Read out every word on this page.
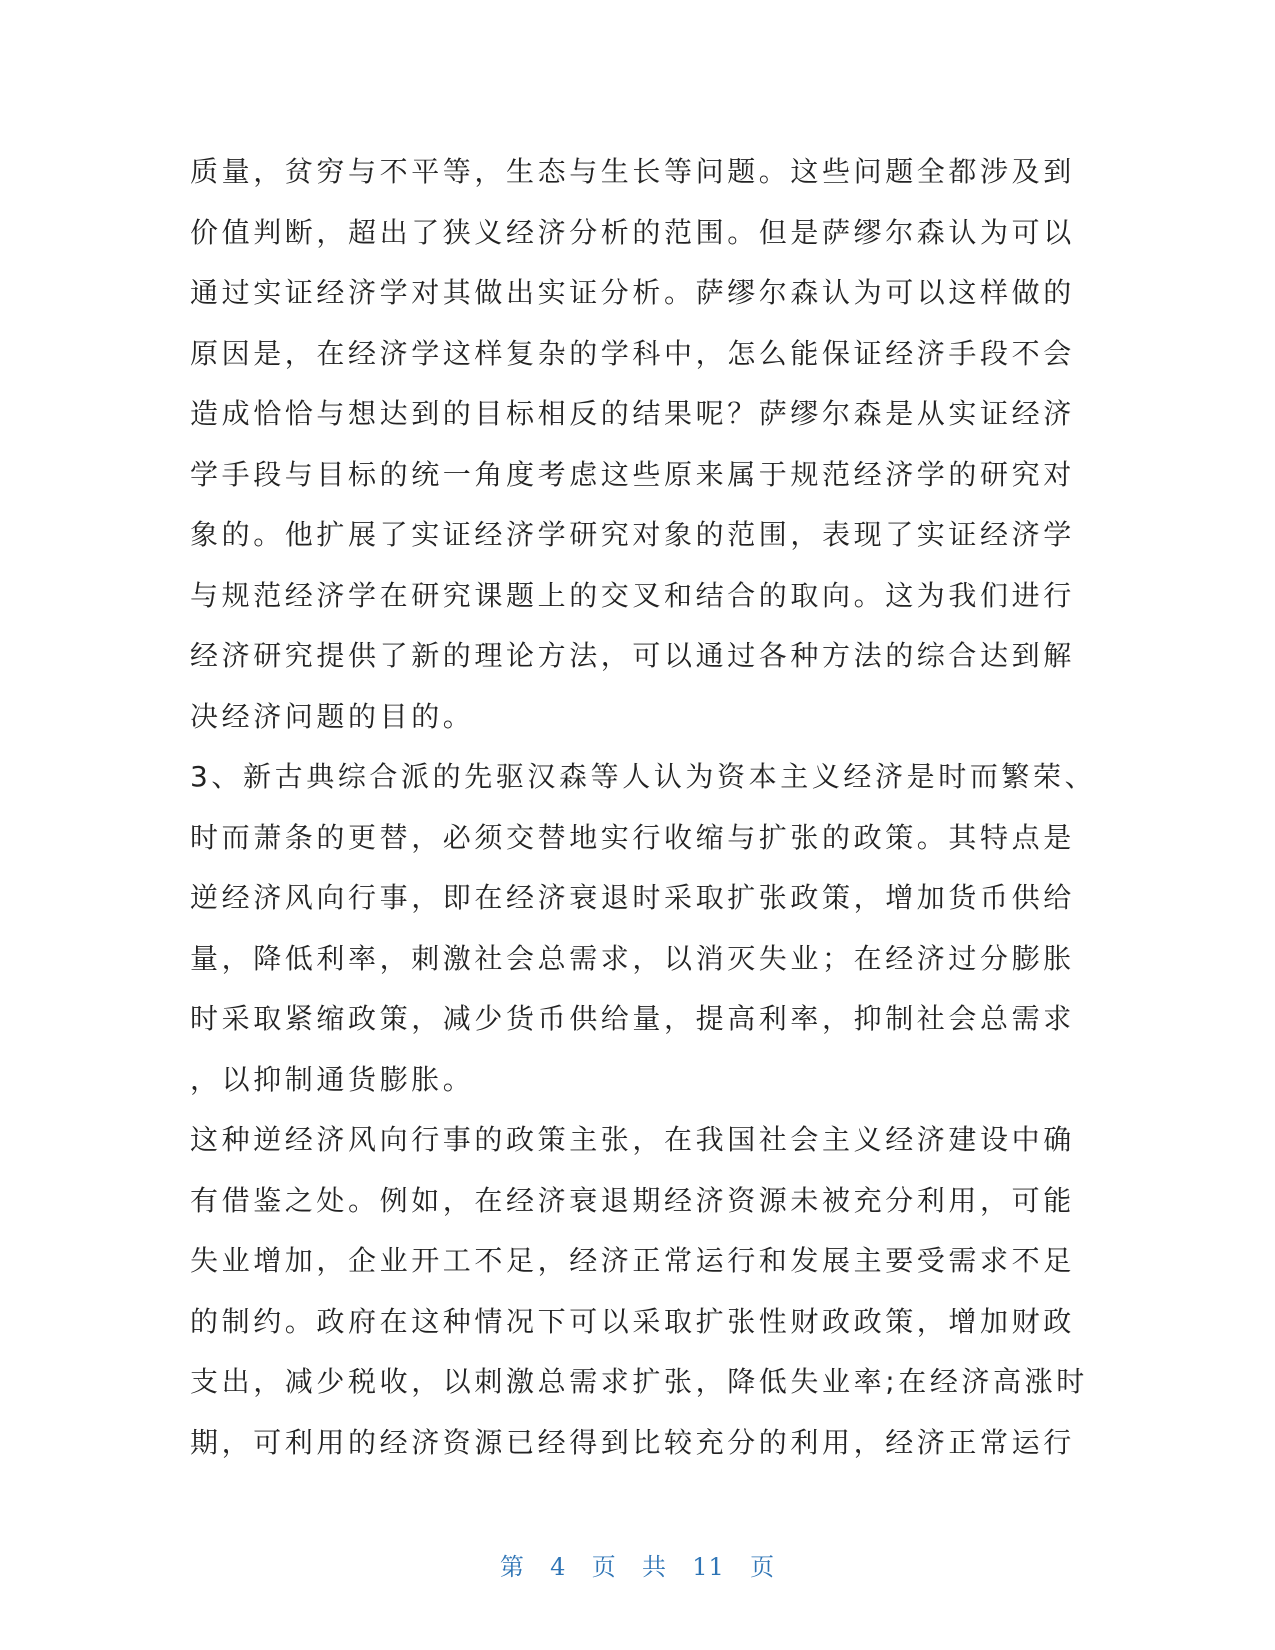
质量，贫穷与不平等，生态与生长等问题。这些问题全都涉及到
价值判断，超出了狭义经济分析的范围。但是萨缪尔森认为可以
通过实证经济学对其做出实证分析。萨缪尔森认为可以这样做的
原因是，在经济学这样复杂的学科中，怎么能保证经济手段不会
造成恰恰与想达到的目标相反的结果呢？萨缪尔森是从实证经济
学手段与目标的统一角度考虑这些原来属于规范经济学的研究对
象的。他扩展了实证经济学研究对象的范围，表现了实证经济学
与规范经济学在研究课题上的交叉和结合的取向。这为我们进行
经济研究提供了新的理论方法，可以通过各种方法的综合达到解
决经济问题的目的。
3、新古典综合派的先驱汉森等人认为资本主义经济是时而繁荣、
时而萧条的更替，必须交替地实行收缩与扩张的政策。其特点是
逆经济风向行事，即在经济衰退时采取扩张政策，增加货币供给
量，降低利率，刺激社会总需求，以消灭失业；在经济过分膨胀
时采取紧缩政策，减少货币供给量，提高利率，抑制社会总需求
，以抑制通货膨胀。
这种逆经济风向行事的政策主张，在我国社会主义经济建设中确
有借鉴之处。例如，在经济衰退期经济资源未被充分利用，可能
失业增加，企业开工不足，经济正常运行和发展主要受需求不足
的制约。政府在这种情况下可以采取扩张性财政政策，增加财政
支出，减少税收，以刺激总需求扩张，降低失业率;在经济高涨时
期，可利用的经济资源已经得到比较充分的利用，经济正常运行
第 4 页 共 11 页
